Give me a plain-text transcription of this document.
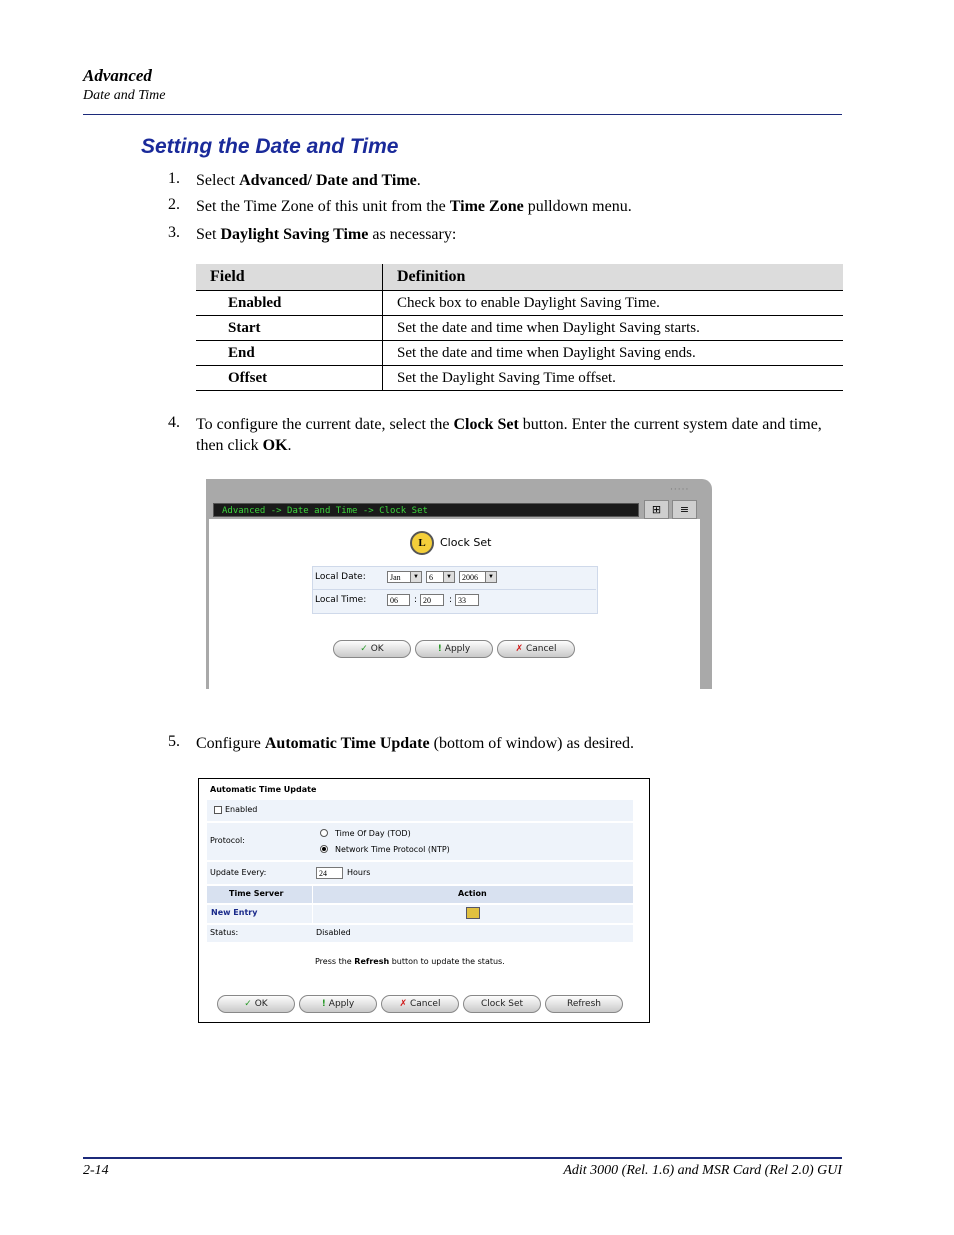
Advanced
Date and Time
Setting the Date and Time
1. Select Advanced/ Date and Time.
2. Set the Time Zone of this unit from the Time Zone pulldown menu.
3. Set Daylight Saving Time as necessary:
Field	Definition
Enabled	Check box to enable Daylight Saving Time.
Start	Set the date and time when Daylight Saving starts.
End	Set the date and time when Daylight Saving ends.
Offset	Set the Daylight Saving Time offset.
4. To configure the current date, select the Clock Set button. Enter the current system date and time, then click OK.
·····
Advanced -> Date and Time -> Clock Set	⊞	≡
L	Clock Set
Local Date:	Jan	▼	6	▼	2006	▼
Local Time:	06	: 20	: 33
✓ OK	! Apply	✗ Cancel
5. Configure Automatic Time Update (bottom of window) as desired.
Automatic Time Update
Enabled
Protocol:
Time Of Day (TOD)
Network Time Protocol (NTP)
Update Every:	24	Hours
Time Server	Action
New Entry
Status:	Disabled
Press the Refresh button to update the status.
✓ OK	! Apply	✗ Cancel	Clock Set	Refresh
2-14	Adit 3000 (Rel. 1.6) and MSR Card (Rel 2.0) GUI
